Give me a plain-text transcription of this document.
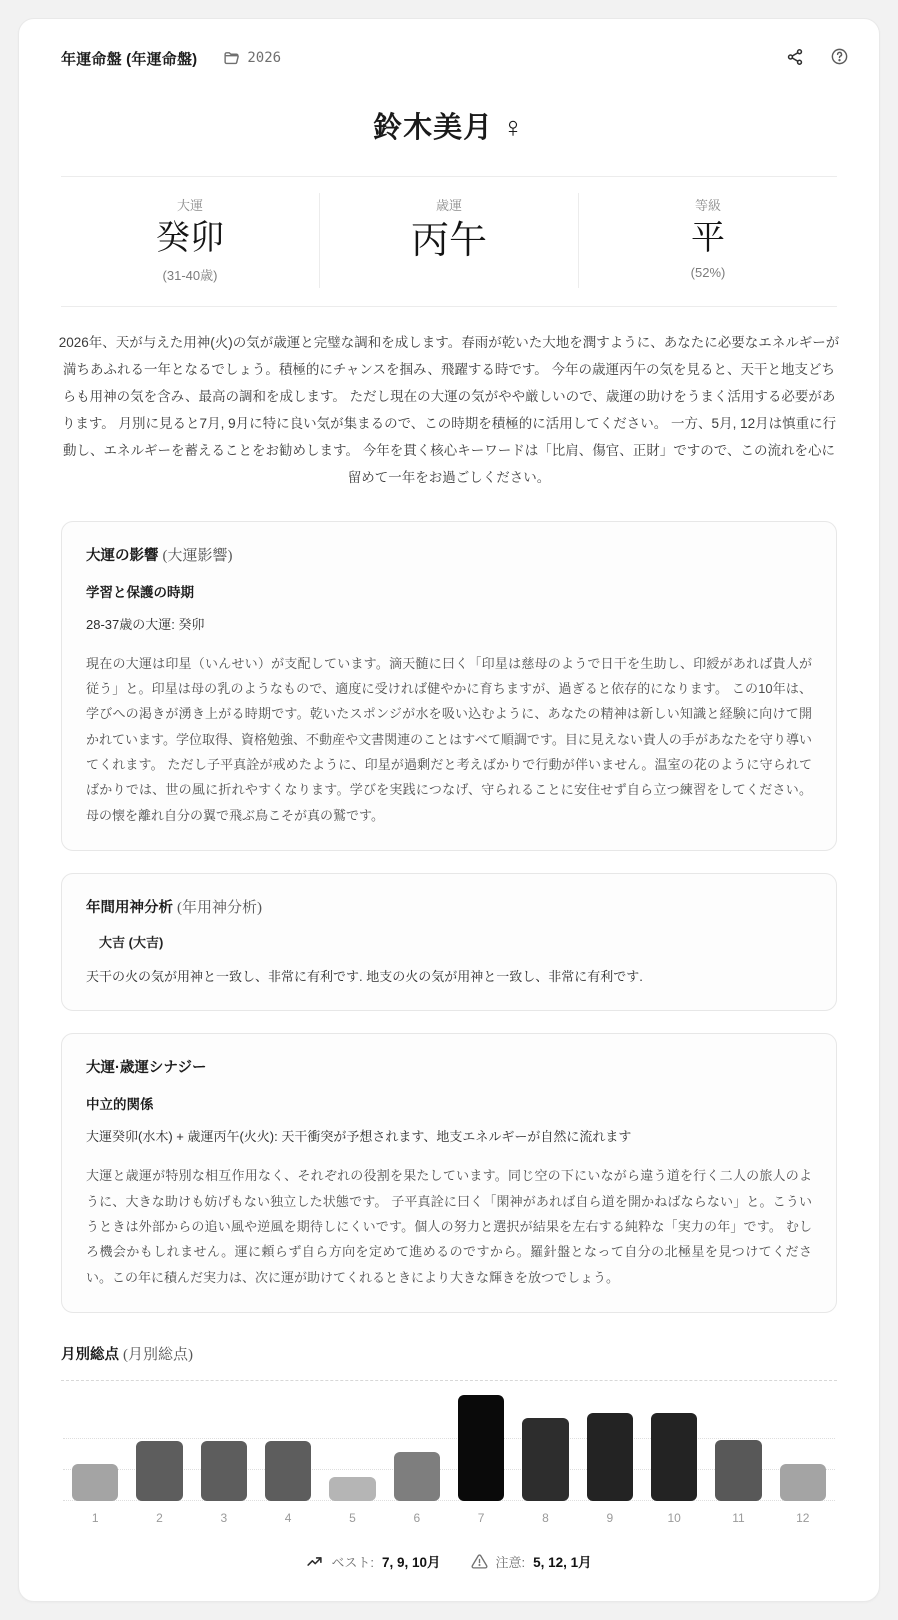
年運命盤 (年運命盤)	2026
鈴木美月 ♀
大運
癸卯
(31-40歳)
歳運
丙午
等級
平
(52%)

2026年、天が与えた用神(火)の気が歳運と完璧な調和を成します。春雨が乾いた大地を潤すように、あなたに必要なエネルギーが満ちあふれる一年となるでしょう。積極的にチャンスを掴み、飛躍する時です。 今年の歳運丙午の気を見ると、天干と地支どちらも用神の気を含み、最高の調和を成します。 ただし現在の大運の気がやや厳しいので、歳運の助けをうまく活用する必要があります。 月別に見ると7月, 9月に特に良い気が集まるので、この時期を積極的に活用してください。 一方、5月, 12月は慎重に行動し、エネルギーを蓄えることをお勧めします。 今年を貫く核心キーワードは「比肩、傷官、正財」ですので、この流れを心に留めて一年をお過ごしください。

大運の影響 (大運影響)
学習と保護の時期
28-37歳の大運: 癸卯
現在の大運は印星（いんせい）が支配しています。滴天髄に曰く「印星は慈母のようで日干を生助し、印綬があれば貴人が従う」と。印星は母の乳のようなもので、適度に受ければ健やかに育ちますが、過ぎると依存的になります。 この10年は、学びへの渇きが湧き上がる時期です。乾いたスポンジが水を吸い込むように、あなたの精神は新しい知識と経験に向けて開かれています。学位取得、資格勉強、不動産や文書関連のことはすべて順調です。目に見えない貴人の手があなたを守り導いてくれます。 ただし子平真詮が戒めたように、印星が過剰だと考えばかりで行動が伴いません。温室の花のように守られてばかりでは、世の風に折れやすくなります。学びを実践につなげ、守られることに安住せず自ら立つ練習をしてください。母の懐を離れ自分の翼で飛ぶ鳥こそが真の鷲です。
年間用神分析 (年用神分析)
大吉 (大吉)
天干の火の気が用神と一致し、非常に有利です. 地支の火の気が用神と一致し、非常に有利です.
大運·歳運シナジー
中立的関係
大運癸卯(水木) + 歳運丙午(火火): 天干衝突が予想されます、地支エネルギーが自然に流れます
大運と歳運が特別な相互作用なく、それぞれの役割を果たしています。同じ空の下にいながら違う道を行く二人の旅人のように、大きな助けも妨げもない独立した状態です。 子平真詮に曰く「閑神があれば自ら道を開かねばならない」と。こういうときは外部からの追い風や逆風を期待しにくいです。個人の努力と選択が結果を左右する純粋な「実力の年」です。 むしろ機会かもしれません。運に頼らず自ら方向を定めて進めるのですから。羅針盤となって自分の北極星を見つけてください。この年に積んだ実力は、次に運が助けてくれるときにより大きな輝きを放つでしょう。
月別総点 (月別総点)
1	2	3	4	5	6	7	8	9	10	11	12
ベスト: 7, 9, 10月	注意: 5, 12, 1月
